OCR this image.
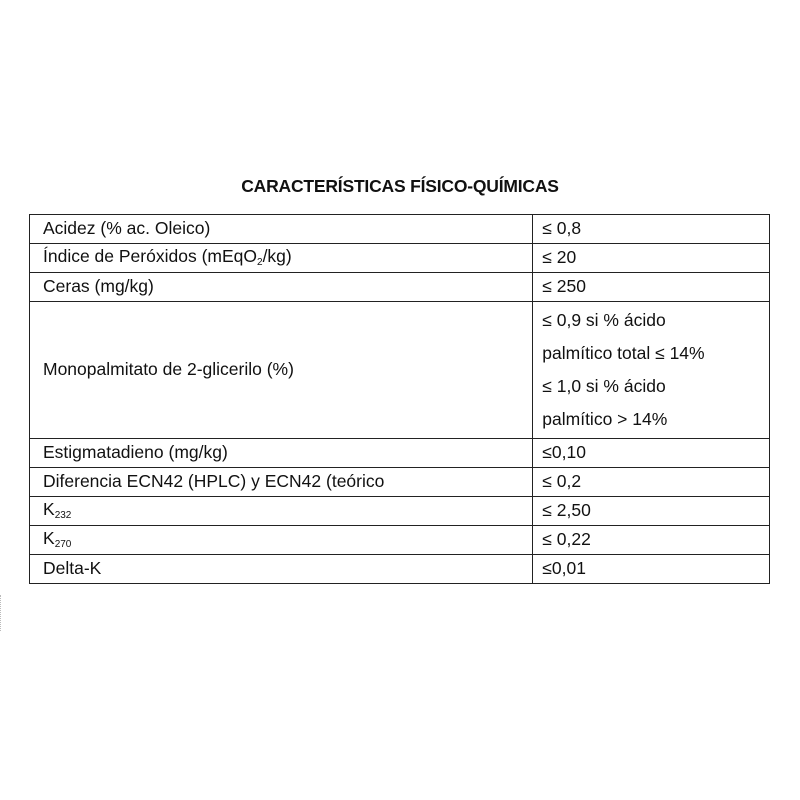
CARACTERÍSTICAS FÍSICO-QUÍMICAS
Acidez (% ac. Oleico)	≤ 0,8
Índice de Peróxidos (mEqO$_2$/kg)	≤ 20
Ceras (mg/kg)	≤ 250
Monopalmitato de 2-glicerilo (%)	≤ 0,9 si % ácido
palmítico total ≤ 14%
≤ 1,0 si % ácido
palmítico > 14%

Estigmatadieno (mg/kg)	≤0,10
Diferencia ECN42 (HPLC) y ECN42 (teórico	≤ 0,2
$K_{232}$	≤ 2,50
$K_{270}$	≤ 0,22
Delta-K	≤0,01
